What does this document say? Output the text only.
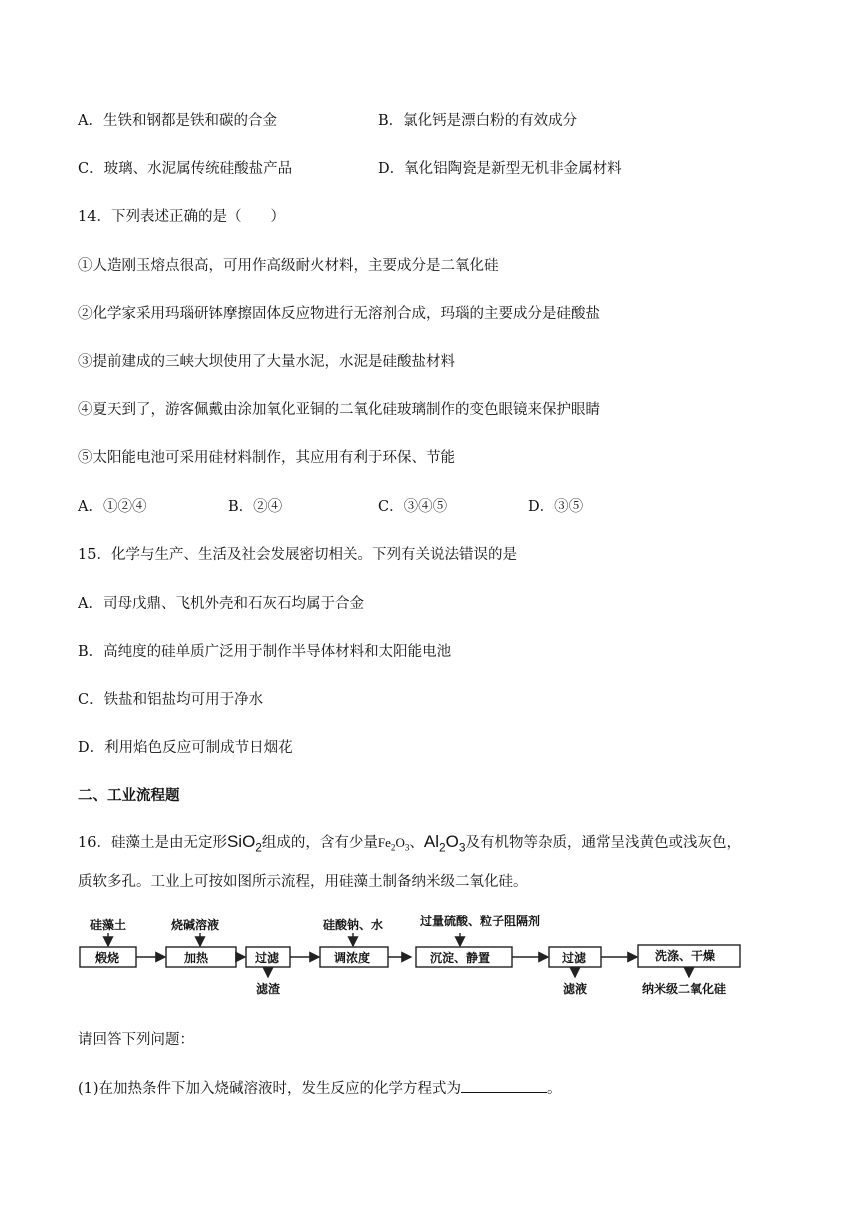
A．生铁和钢都是铁和碳的合金	B．氯化钙是漂白粉的有效成分
C．玻璃、水泥属传统硅酸盐产品	D．氧化铝陶瓷是新型无机非金属材料
14．下列表述正确的是（　　）
①人造刚玉熔点很高，可用作高级耐火材料，主要成分是二氧化硅
②化学家采用玛瑙研钵摩擦固体反应物进行无溶剂合成，玛瑙的主要成分是硅酸盐
③提前建成的三峡大坝使用了大量水泥，水泥是硅酸盐材料
④夏天到了，游客佩戴由涂加氧化亚铜的二氧化硅玻璃制作的变色眼镜来保护眼睛
⑤太阳能电池可采用硅材料制作，其应用有利于环保、节能
A．①②④	B．②④	C．③④⑤	D．③⑤
15．化学与生产、生活及社会发展密切相关。下列有关说法错误的是
A．司母戊鼎、飞机外壳和石灰石均属于合金
B．高纯度的硅单质广泛用于制作半导体材料和太阳能电池
C．铁盐和铝盐均可用于净水
D．利用焰色反应可制成节日烟花
二、工业流程题
16．硅藻土是由无定形SiO$_2$组成的，含有少量$Fe_2O_3$、$Al_2O_3$及有机物等杂质，通常呈浅黄色或浅灰色，
质软多孔。工业上可按如图所示流程，用硅藻土制备纳米级二氧化硅。
硅藻土
煅烧
烧碱溶液
加热	过滤
滤渣
硅酸钠、水
调浓度
过量硫酸、粒子阻隔剂
沉淀、静置	过滤
滤液
洗涤、干燥
纳米级二氧化硅
请回答下列问题：
(1)在加热条件下加入烧碱溶液时，发生反应的化学方程式为	。
